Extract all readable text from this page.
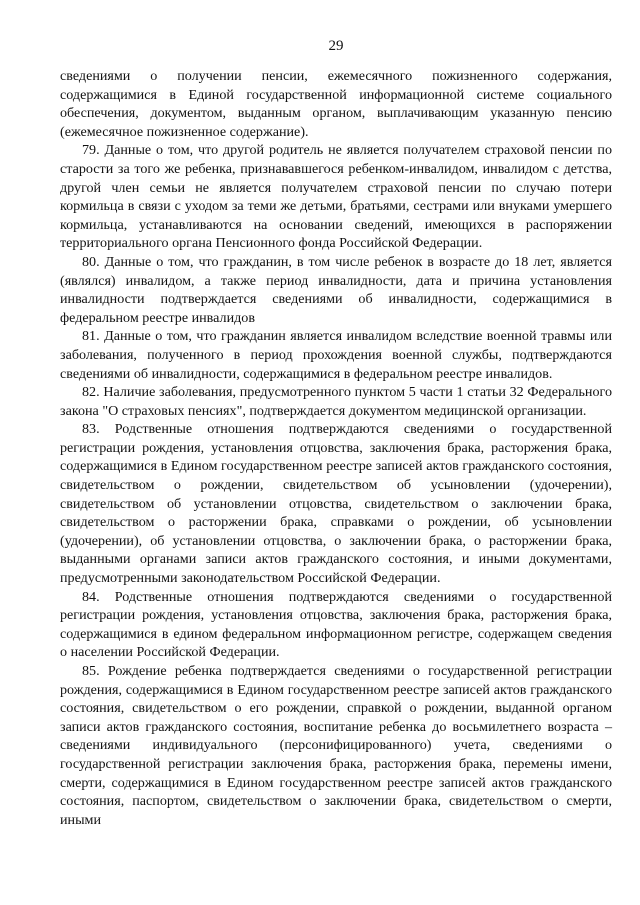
29

сведениями о получении пенсии, ежемесячного пожизненного содержания, содержащимися в Единой государственной информационной системе социального обеспечения, документом, выданным органом, выплачивающим указанную пенсию (ежемесячное пожизненное содержание).

79. Данные о том, что другой родитель не является получателем страховой пенсии по старости за того же ребенка, признававшегося ребенком-инвалидом, инвалидом с детства, другой член семьи не является получателем страховой пенсии по случаю потери кормильца в связи с уходом за теми же детьми, братьями, сестрами или внуками умершего кормильца, устанавливаются на основании сведений, имеющихся в распоряжении территориального органа Пенсионного фонда Российской Федерации.

80. Данные о том, что гражданин, в том числе ребенок в возрасте до 18 лет, является (являлся) инвалидом, а также период инвалидности, дата и причина установления инвалидности подтверждается сведениями об инвалидности, содержащимися в федеральном реестре инвалидов

81. Данные о том, что гражданин является инвалидом вследствие военной травмы или заболевания, полученного в период прохождения военной службы, подтверждаются сведениями об инвалидности, содержащимися в федеральном реестре инвалидов.

82. Наличие заболевания, предусмотренного пунктом 5 части 1 статьи 32 Федерального закона "О страховых пенсиях", подтверждается документом медицинской организации.

83. Родственные отношения подтверждаются сведениями о государственной регистрации рождения, установления отцовства, заключения брака, расторжения брака, содержащимися в Едином государственном реестре записей актов гражданского состояния, свидетельством о рождении, свидетельством об усыновлении (удочерении), свидетельством об установлении отцовства, свидетельством о заключении брака, свидетельством о расторжении брака, справками о рождении, об усыновлении (удочерении), об установлении отцовства, о заключении брака, о расторжении брака, выданными органами записи актов гражданского состояния, и иными документами, предусмотренными законодательством Российской Федерации.

84. Родственные отношения подтверждаются сведениями о государственной регистрации рождения, установления отцовства, заключения брака, расторжения брака, содержащимися в едином федеральном информационном регистре, содержащем сведения о населении Российской Федерации.

85. Рождение ребенка подтверждается сведениями о государственной регистрации рождения, содержащимися в Едином государственном реестре записей актов гражданского состояния, свидетельством о его рождении, справкой о рождении, выданной органом записи актов гражданского состояния, воспитание ребенка до восьмилетнего возраста – сведениями индивидуального (персонифицированного) учета, сведениями о государственной регистрации заключения брака, расторжения брака, перемены имени, смерти, содержащимися в Едином государственном реестре записей актов гражданского состояния, паспортом, свидетельством о заключении брака, свидетельством о смерти, иными
